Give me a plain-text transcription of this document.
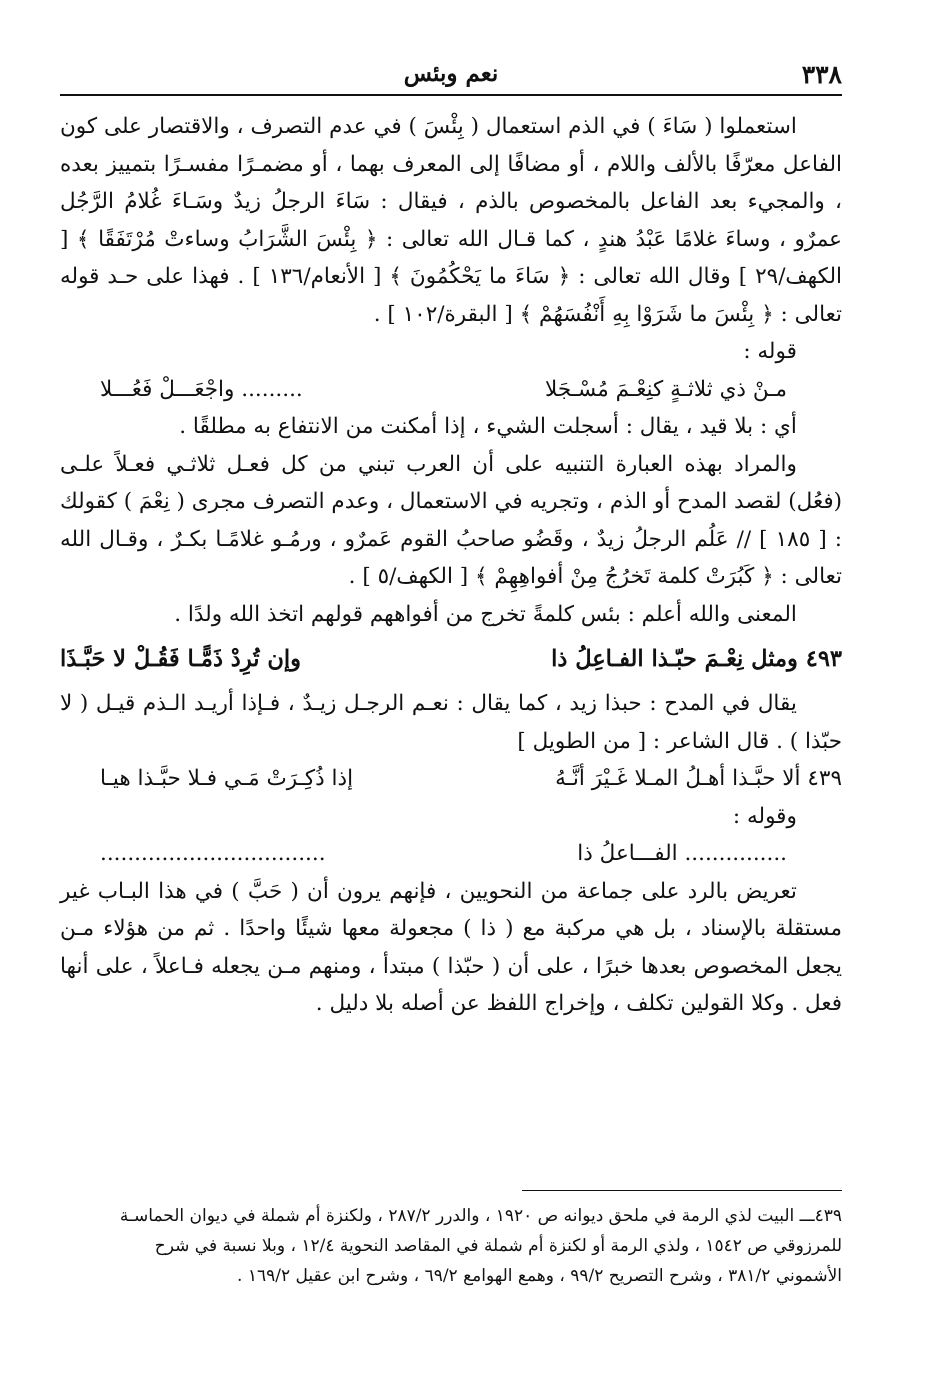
٣٣٨
نعم وبئس

استعملوا ( سَاءَ ) في الذم استعمال ( بِئْسَ ) في عدم التصرف ، والاقتصار على كون الفاعل معرّفًا بالألف واللام ، أو مضافًا إلى المعرف بهما ، أو مضمـرًا مفسـرًا بتمييز بعده ، والمجيء بعد الفاعل بالمخصوص بالذم ، فيقال : سَاءَ الرجلُ زيدٌ وسَـاءَ غُلامُ الرَّجُل عمرٌو ، وساءَ غلامًا عَبْدُ هندٍ ، كما قـال الله تعالى : ﴿ بِئْسَ الشَّرَابُ وساءتْ مُرْتَفَقًا ﴾ [ الكهف/٢٩ ] وقال الله تعالى : ﴿ سَاءَ ما يَحْكُمُونَ ﴾ [ الأنعام/١٣٦ ] . فهذا على حـد قوله تعالى : ﴿ بِئْسَ ما شَرَوْا بِهِ أَنْفُسَهُمْ ﴾ [ البقرة/١٠٢ ] .

قوله :

مـنْ ذي ثلاثـةٍ كنِعْـمَ مُسْـجَلا
......... واجْعَـــلْ فَعُـــلا

أي : بلا قيد ، يقال : أسجلت الشيء ، إذا أمكنت من الانتفاع به مطلقًا .

والمراد بهذه العبارة التنبيه على أن العرب تبني من كل فعـل ثلاثـي فعـلاً علـى (فعُل) لقصد المدح أو الذم ، وتجريه في الاستعمال ، وعدم التصرف مجرى ( نِعْمَ ) كقولك : [ ١٨٥ ] // عَلُم الرجلُ زيدٌ ، وقَضُو صاحبُ القوم عَمرٌو ، ورمُـو غلامًـا بكـرٌ ، وقـال الله تعالى : ﴿ كَبُرَتْ كلمة تَخرُجُ مِنْ أفواهِهِمْ ﴾ [ الكهف/٥ ] .

المعنى والله أعلم : بئس كلمةً تخرج من أفواههم قولهم اتخذ الله ولدًا .

٤٩٣ ومثل نِعْـمَ حبّـذا الفـاعِلُ ذا
وإن تُرِدْ ذَمًّـا فَقُـلْ لا حَبَّـذَا

يقال في المدح : حبذا زيد ، كما يقال : نعـم الرجـل زيـدٌ ، فـإذا أريـد الـذم قيـل ( لا حبّذا ) . قال الشاعر : [ من الطويل ]

٤٣٩ ألا حبَّـذا أهـلُ المـلا غَـيْرَ أنَّـهُ
إذا ذُكِـرَتْ مَـي فـلا حبَّـذا هيـا

وقوله :

............... الفـــاعلُ ذا
.................................

تعريض بالرد على جماعة من النحويين ، فإنهم يرون أن ( حَبَّ ) في هذا البـاب غير مستقلة بالإسناد ، بل هي مركبة مع ( ذا ) مجعولة معها شيئًا واحدًا . ثم من هؤلاء مـن يجعل المخصوص بعدها خبرًا ، على أن ( حبّذا ) مبتدأ ، ومنهم مـن يجعله فـاعلاً ، على أنها فعل . وكلا القولين تكلف ، وإخراج اللفظ عن أصله بلا دليل .

٤٣٩ـــ البيت لذي الرمة في ملحق ديوانه ص ١٩٢٠ ، والدرر ٢٨٧/٢ ، ولكنزة أم شملة في ديوان الحماسـة

للمرزوقي ص ١٥٤٢ ، ولذي الرمة أو لكنزة أم شملة في المقاصد النحوية ١٢/٤ ، وبلا نسبة في شرح

الأشموني ٣٨١/٢ ، وشرح التصريح ٩٩/٢ ، وهمع الهوامع ٦٩/٢ ، وشرح ابن عقيل ١٦٩/٢ .
